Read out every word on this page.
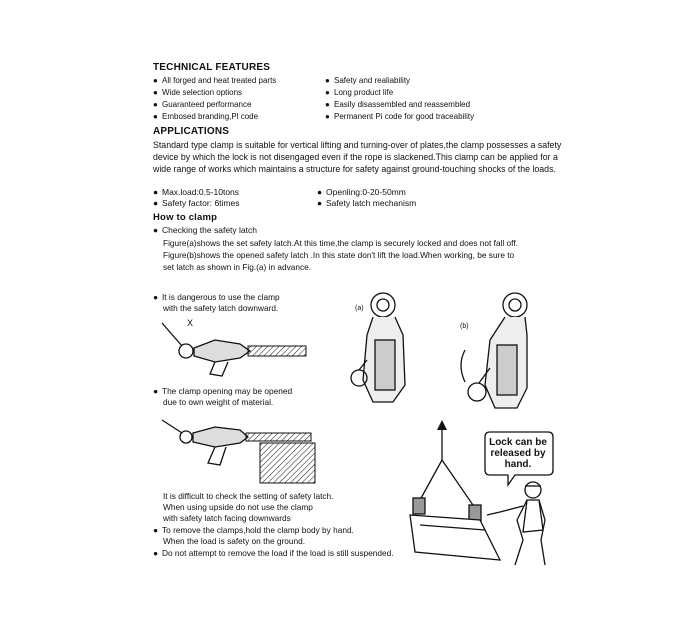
TECHNICAL FEATURES
● All forged and heat treated parts
● Wide selection options
● Guaranteed performance
● Embosed branding,Pl code
● Safety and realiability
● Long product life
● Easily disassembled and reassembled
● Permanent Pi code for good traceability
APPLICATIONS
Standard type clamp is suitable for vertical lifting and turning-over of plates,the clamp possesses a safety device by which the lock is not disengaged even if the rope is slackened.This clamp can be applied for a wide range of works which maintains a structure for safety against ground-touching shocks of the loads.
● Max.load:0.5-10tons
● Safety factor: 6times
● Openling:0-20-50mm
● Safety latch mechanism
How to clamp
● Checking the safety latch
Figure(a)shows the set safety latch.At this time,the clamp is securely locked and does not fall off.
Figure(b)shows the opened safety latch .In this state don't lift the load.When working, be sure to
set latch as shown in Fig.(a) in advance.
● It is dangerous to use the clamp
with the safety latch downward.
X
● The clamp opening may be opened
due to own weight of material.
It is difficult to check the setting of safety latch.
When using upside do not use the clamp
with safety latch facing downwards
● To remove the clamps,hold the clamp body by hand.
When the load is safety on the ground.
● Do not attempt to remove the load if the load is still suspended.
(a)
(b)
Lock can be
released by
hand.
